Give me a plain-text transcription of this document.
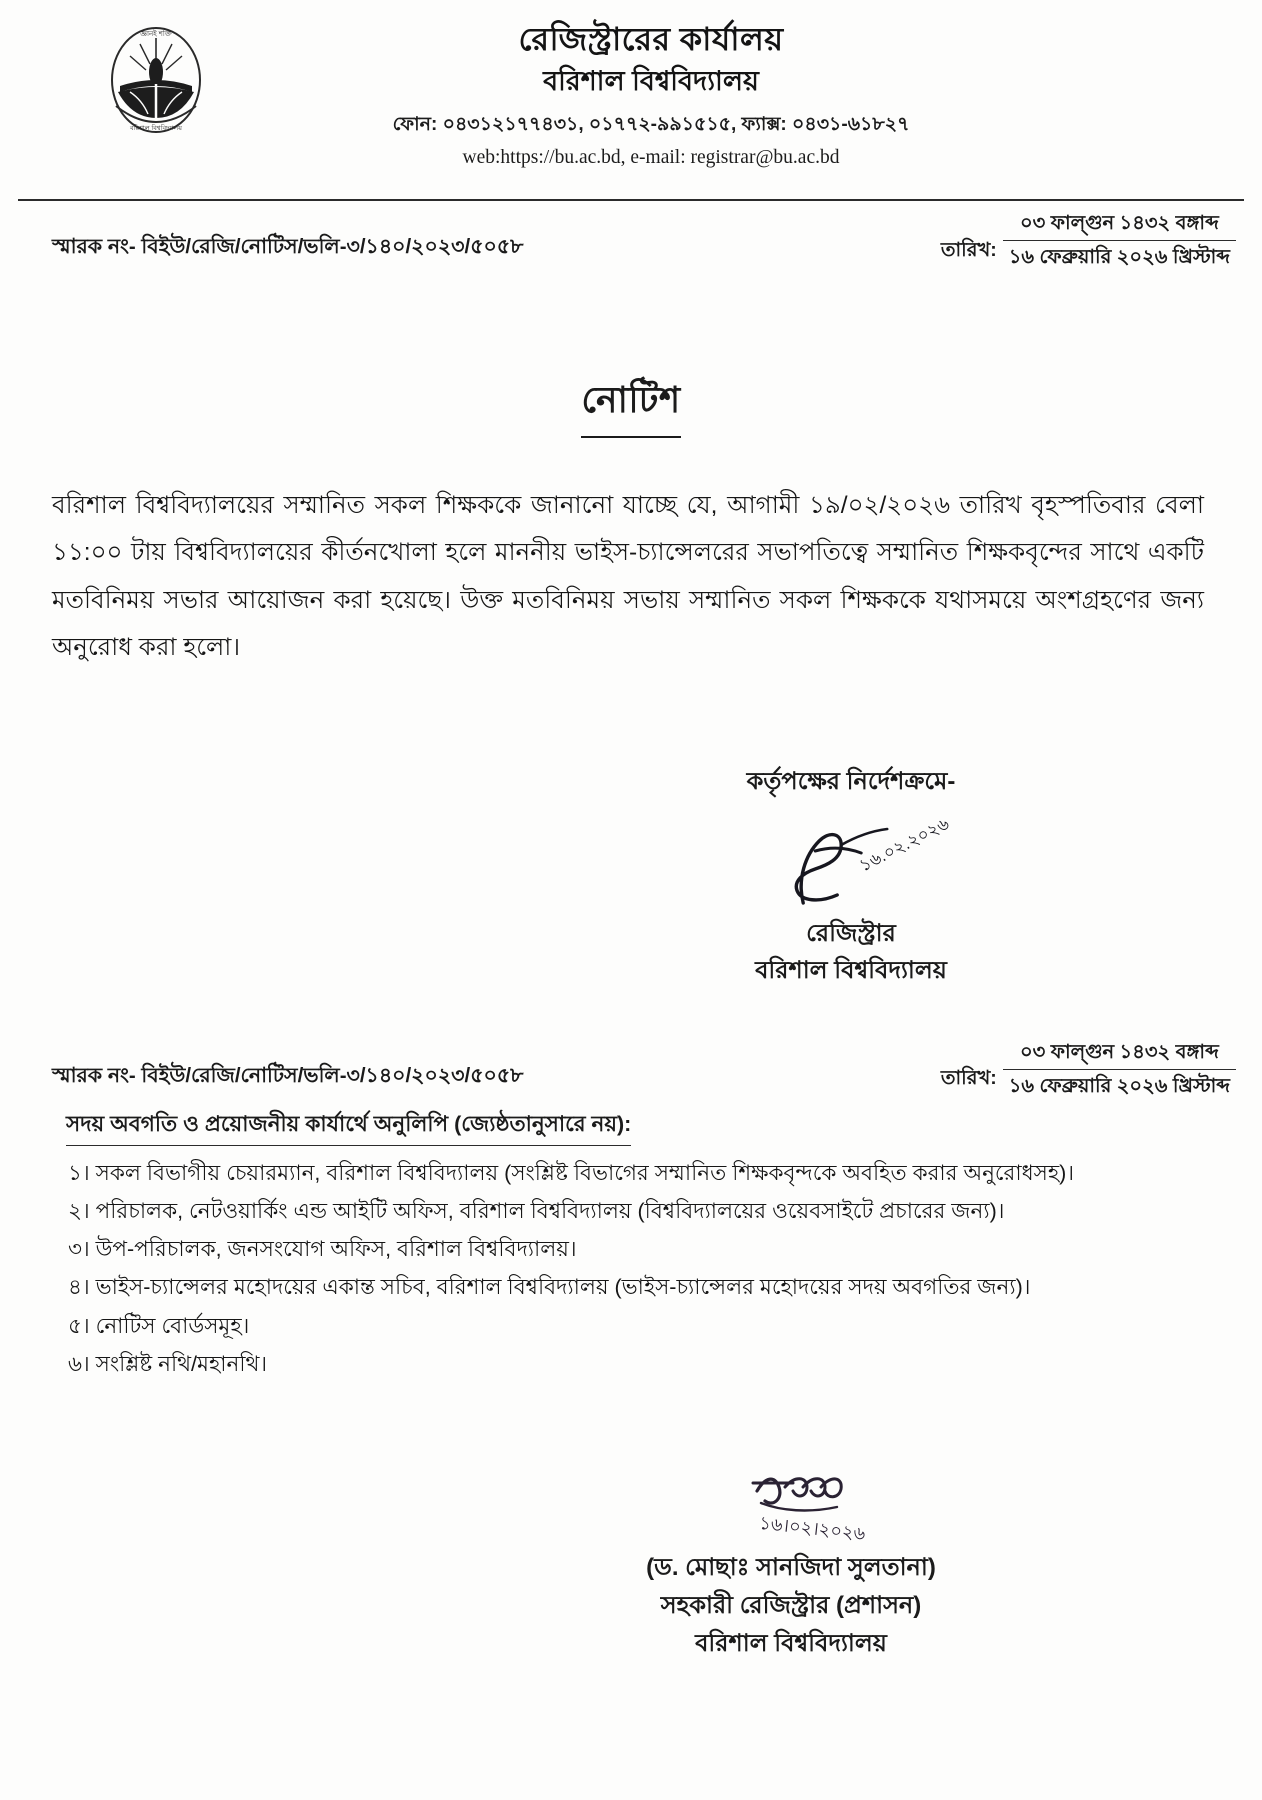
জ্ঞানই শক্তি
বরিশাল বিশ্ববিদ্যালয়
রেজিস্ট্রারের কার্যালয়
বরিশাল বিশ্ববিদ্যালয়
ফোন: ০৪৩১২১৭৭৪৩১, ০১৭৭২-৯৯১৫১৫, ফ্যাক্স: ০৪৩১-৬১৮২৭
web:https://bu.ac.bd, e-mail: registrar@bu.ac.bd
স্মারক নং- বিইউ/রেজি/নোটিস/ভলি-৩/১৪০/২০২৩/৫০৫৮	তারিখ:
০৩ ফাল্গুন ১৪৩২ বঙ্গাব্দ
১৬ ফেব্রুয়ারি ২০২৬ খ্রিস্টাব্দ
নোটিশ

বরিশাল বিশ্ববিদ্যালয়ের সম্মানিত সকল শিক্ষককে জানানো যাচ্ছে যে, আগামী ১৯/০২/২০২৬ তারিখ বৃহস্পতিবার বেলা ১১:০০ টায় বিশ্ববিদ্যালয়ের কীর্তনখোলা হলে মাননীয় ভাইস-চ্যান্সেলরের সভাপতিত্বে সম্মানিত শিক্ষকবৃন্দের সাথে একটি মতবিনিময় সভার আয়োজন করা হয়েছে। উক্ত মতবিনিময় সভায় সম্মানিত সকল শিক্ষককে যথাসময়ে অংশগ্রহণের জন্য অনুরোধ করা হলো।

কর্তৃপক্ষের নির্দেশক্রমে-
১৬.০২.২০২৬
রেজিস্ট্রার
বরিশাল বিশ্ববিদ্যালয়
স্মারক নং- বিইউ/রেজি/নোটিস/ভলি-৩/১৪০/২০২৩/৫০৫৮	তারিখ:
০৩ ফাল্গুন ১৪৩২ বঙ্গাব্দ
১৬ ফেব্রুয়ারি ২০২৬ খ্রিস্টাব্দ
সদয় অবগতি ও প্রয়োজনীয় কার্যার্থে অনুলিপি (জ্যেষ্ঠতানুসারে নয়):
১। সকল বিভাগীয় চেয়ারম্যান, বরিশাল বিশ্ববিদ্যালয় (সংশ্লিষ্ট বিভাগের সম্মানিত শিক্ষকবৃন্দকে অবহিত করার অনুরোধসহ)।
২। পরিচালক, নেটওয়ার্কিং এন্ড আইটি অফিস, বরিশাল বিশ্ববিদ্যালয় (বিশ্ববিদ্যালয়ের ওয়েবসাইটে প্রচারের জন্য)।
৩। উপ-পরিচালক, জনসংযোগ অফিস, বরিশাল বিশ্ববিদ্যালয়।
৪। ভাইস-চ্যান্সেলর মহোদয়ের একান্ত সচিব, বরিশাল বিশ্ববিদ্যালয় (ভাইস-চ্যান্সেলর মহোদয়ের সদয় অবগতির জন্য)।
৫। নোটিস বোর্ডসমূহ।
৬। সংশ্লিষ্ট নথি/মহানথি।
১৬।০২।২০২৬
(ড. মোছাঃ সানজিদা সুলতানা)
সহকারী রেজিস্ট্রার (প্রশাসন)
বরিশাল বিশ্ববিদ্যালয়
